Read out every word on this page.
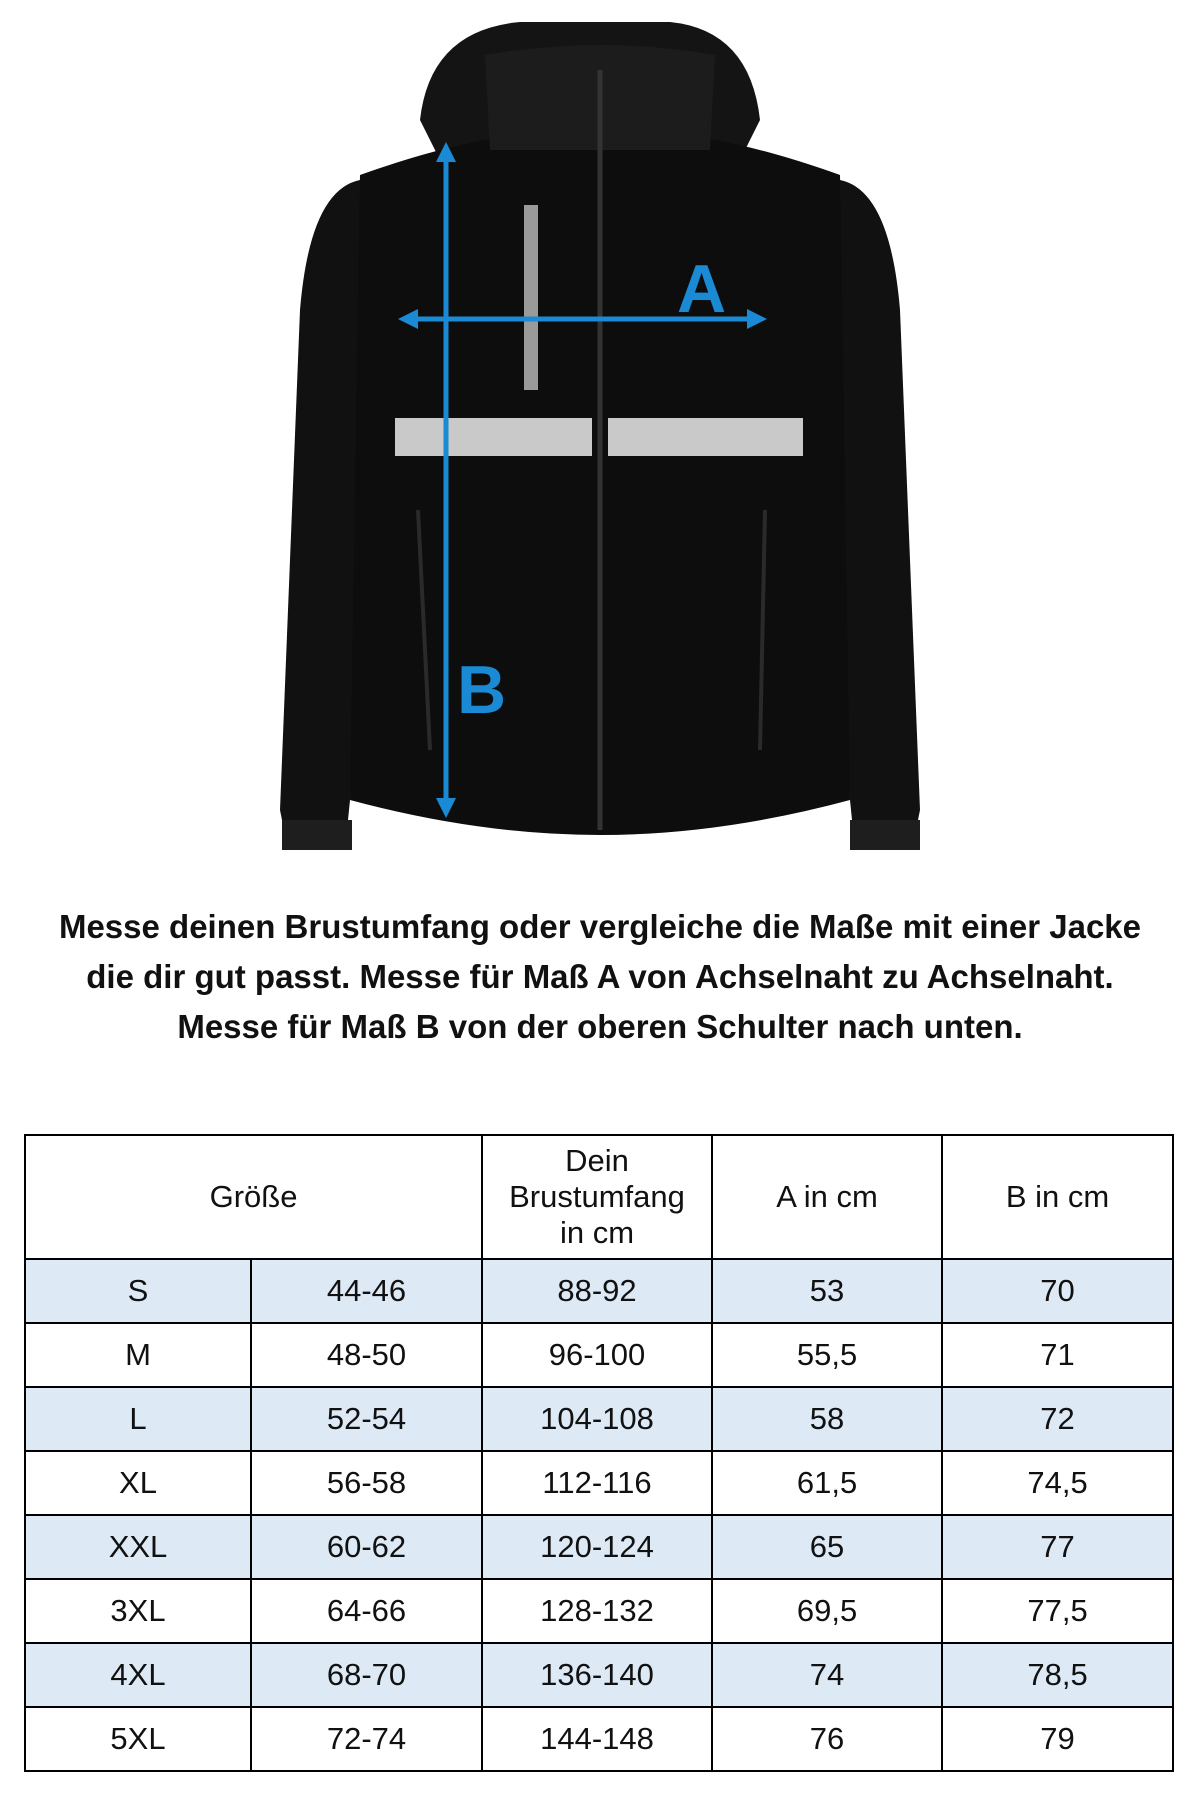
A
B
Messe deinen Brustumfang oder vergleiche die Maße mit einer Jacke die dir gut passt. Messe für Maß A von Achselnaht zu Achselnaht. Messe für Maß B von der oberen Schulter nach unten.
Größe		Dein Brustumfang in cm	A in cm	B in cm
S	44-46	88-92	53	70
M	48-50	96-100	55,5	71
L	52-54	104-108	58	72
XL	56-58	112-116	61,5	74,5
XXL	60-62	120-124	65	77
3XL	64-66	128-132	69,5	77,5
4XL	68-70	136-140	74	78,5
5XL	72-74	144-148	76	79
